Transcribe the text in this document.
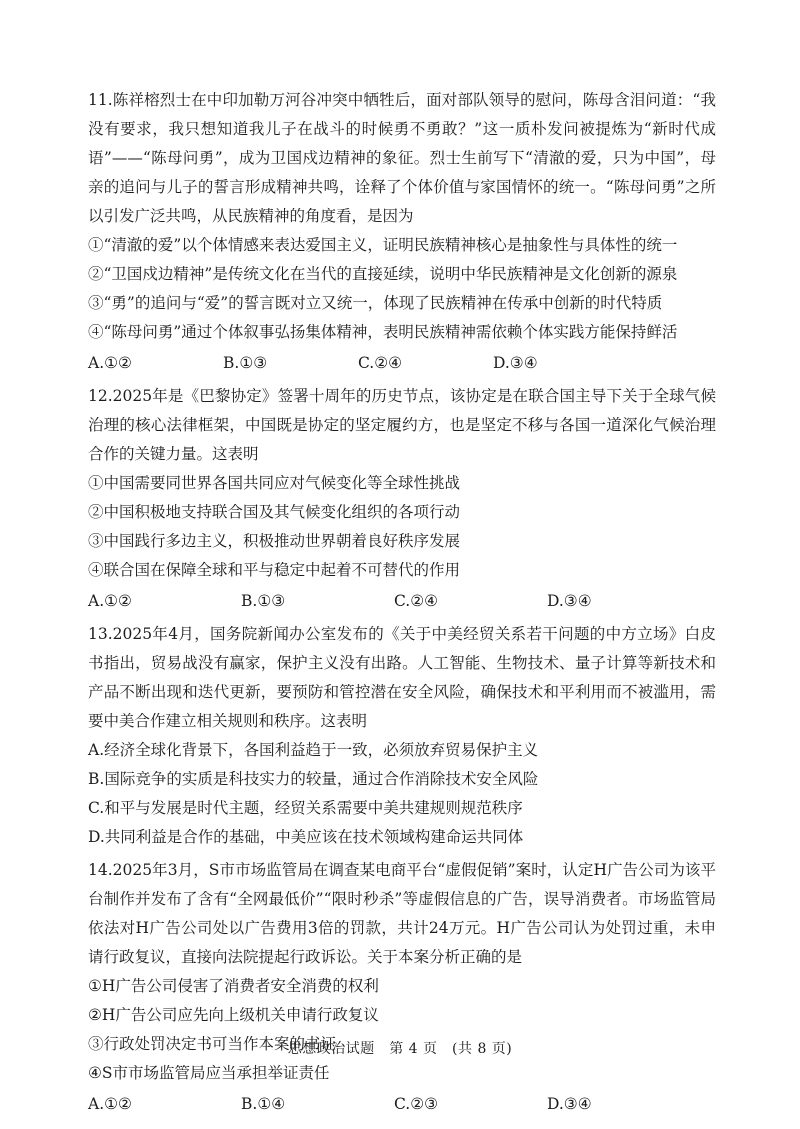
11.陈祥榕烈士在中印加勒万河谷冲突中牺牲后，面对部队领导的慰问，陈母含泪问道：“我没有要求，我只想知道我儿子在战斗的时候勇不勇敢？”这一质朴发问被提炼为“新时代成语”——“陈母问勇”，成为卫国戍边精神的象征。烈士生前写下“清澈的爱，只为中国”，母亲的追问与儿子的誓言形成精神共鸣，诠释了个体价值与家国情怀的统一。“陈母问勇”之所以引发广泛共鸣，从民族精神的角度看，是因为

①“清澈的爱”以个体情感来表达爱国主义，证明民族精神核心是抽象性与具体性的统一

②“卫国戍边精神”是传统文化在当代的直接延续，说明中华民族精神是文化创新的源泉

③“勇”的追问与“爱”的誓言既对立又统一，体现了民族精神在传承中创新的时代特质

④“陈母问勇”通过个体叙事弘扬集体精神，表明民族精神需依赖个体实践方能保持鲜活

A.①②	B.①③	C.②④	D.③④

12.2025年是《巴黎协定》签署十周年的历史节点，该协定是在联合国主导下关于全球气候治理的核心法律框架，中国既是协定的坚定履约方，也是坚定不移与各国一道深化气候治理合作的关键力量。这表明

①中国需要同世界各国共同应对气候变化等全球性挑战

②中国积极地支持联合国及其气候变化组织的各项行动

③中国践行多边主义，积极推动世界朝着良好秩序发展

④联合国在保障全球和平与稳定中起着不可替代的作用

A.①②	B.①③	C.②④	D.③④

13.2025年4月，国务院新闻办公室发布的《关于中美经贸关系若干问题的中方立场》白皮书指出，贸易战没有赢家，保护主义没有出路。人工智能、生物技术、量子计算等新技术和产品不断出现和迭代更新，要预防和管控潜在安全风险，确保技术和平利用而不被滥用，需要中美合作建立相关规则和秩序。这表明

A.经济全球化背景下，各国利益趋于一致，必须放弃贸易保护主义

B.国际竞争的实质是科技实力的较量，通过合作消除技术安全风险

C.和平与发展是时代主题，经贸关系需要中美共建规则规范秩序

D.共同利益是合作的基础，中美应该在技术领域构建命运共同体

14.2025年3月，S市市场监管局在调查某电商平台“虚假促销”案时，认定H广告公司为该平台制作并发布了含有“全网最低价”“限时秒杀”等虚假信息的广告，误导消费者。市场监管局依法对H广告公司处以广告费用3倍的罚款，共计24万元。H广告公司认为处罚过重，未申请行政复议，直接向法院提起行政诉讼。关于本案分析正确的是

①H广告公司侵害了消费者安全消费的权利

②H广告公司应先向上级机关申请行政复议

③行政处罚决定书可当作本案的书证

④S市市场监管局应当承担举证责任

A.①②	B.①④	C.②③	D.③④
思想政治试题　第 4 页　(共 8 页)
